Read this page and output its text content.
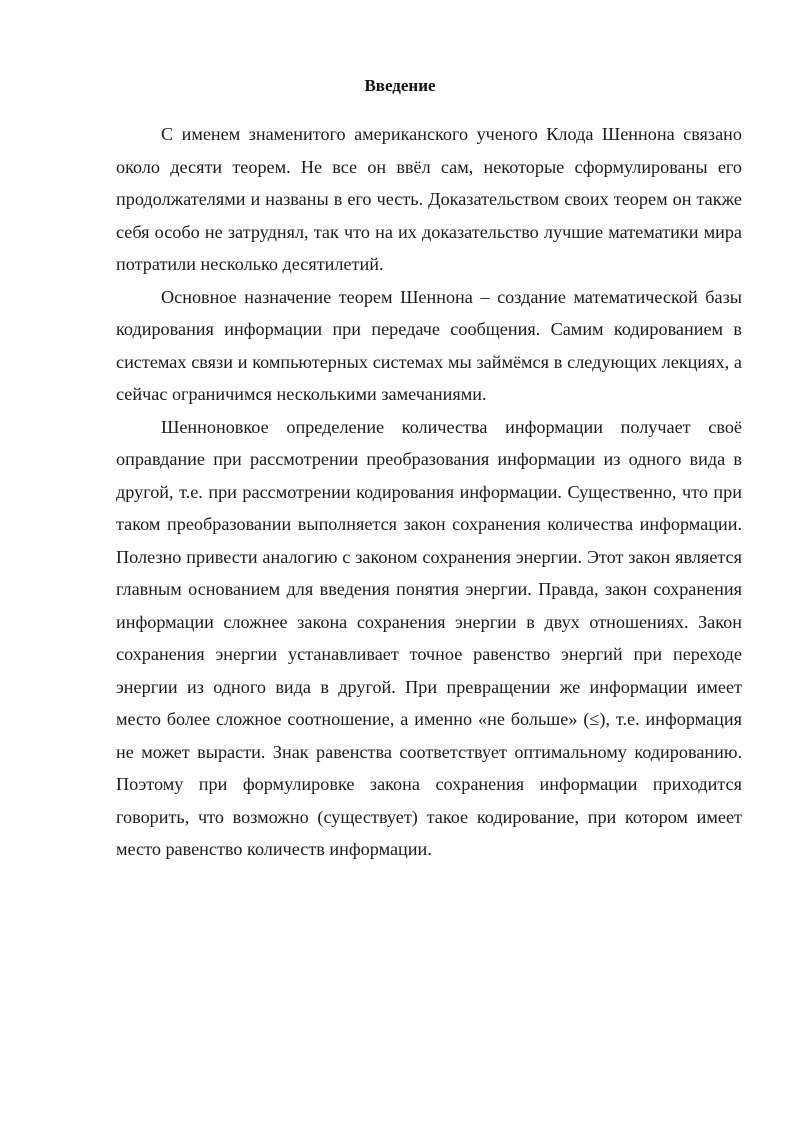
Введение

С именем знаменитого американского ученого Клода Шеннона связано около десяти теорем. Не все он ввёл сам, некоторые сформулированы его продолжателями и названы в его честь. Доказательством своих теорем он также себя особо не затруднял, так что на их доказательство лучшие математики мира потратили несколько десятилетий.

Основное назначение теорем Шеннона – создание математической базы кодирования информации при передаче сообщения. Самим кодированием в системах связи и компьютерных системах мы займёмся в следующих лекциях, а сейчас ограничимся несколькими замечаниями.

Шенноновкое определение количества информации получает своё оправдание при рассмотрении преобразования информации из одного вида в другой, т.е. при рассмотрении кодирования информации. Существенно, что при таком преобразовании выполняется закон сохранения количества информации. Полезно привести аналогию с законом сохранения энергии. Этот закон является главным основанием для введения понятия энергии. Правда, закон сохранения информации сложнее закона сохранения энергии в двух отношениях. Закон сохранения энергии устанавливает точное равенство энергий при переходе энергии из одного вида в другой. При превращении же информации имеет место более сложное соотношение, а именно «не больше» (≤), т.е. информация не может вырасти. Знак равенства соответствует оптимальному кодированию. Поэтому при формулировке закона сохранения информации приходится говорить, что возможно (существует) такое кодирование, при котором имеет место равенство количеств информации.
